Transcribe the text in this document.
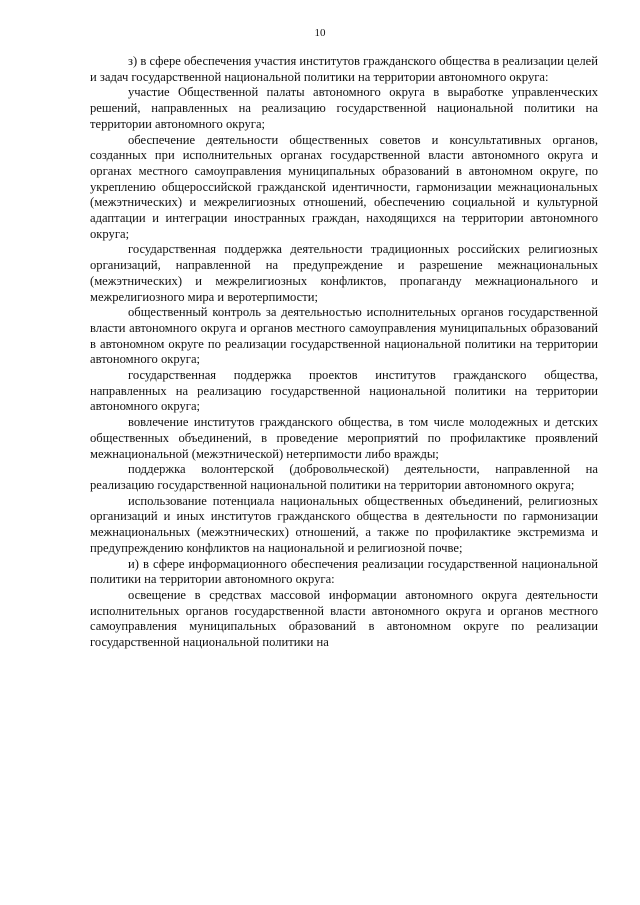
10

з) в сфере обеспечения участия институтов гражданского общества в реализации целей и задач государственной национальной политики на территории автономного округа:

участие Общественной палаты автономного округа в выработке управленческих решений, направленных на реализацию государственной национальной политики на территории автономного округа;

обеспечение деятельности общественных советов и консультативных органов, созданных при исполнительных органах государственной власти автономного округа и органах местного самоуправления муниципальных образований в автономном округе, по укреплению общероссийской гражданской идентичности, гармонизации межнациональных (межэтнических) и межрелигиозных отношений, обеспечению социальной и культурной адаптации и интеграции иностранных граждан, находящихся на территории автономного округа;

государственная поддержка деятельности традиционных российских религиозных организаций, направленной на предупреждение и разрешение межнациональных (межэтнических) и межрелигиозных конфликтов, пропаганду межнационального и межрелигиозного мира и веротерпимости;

общественный контроль за деятельностью исполнительных органов государственной власти автономного округа и органов местного самоуправления муниципальных образований в автономном округе по реализации государственной национальной политики на территории автономного округа;

государственная поддержка проектов институтов гражданского общества, направленных на реализацию государственной национальной политики на территории автономного округа;

вовлечение институтов гражданского общества, в том числе молодежных и детских общественных объединений, в проведение мероприятий по профилактике проявлений межнациональной (межэтнической) нетерпимости либо вражды;

поддержка волонтерской (добровольческой) деятельности, направленной на реализацию государственной национальной политики на территории автономного округа;

использование потенциала национальных общественных объединений, религиозных организаций и иных институтов гражданского общества в деятельности по гармонизации межнациональных (межэтнических) отношений, а также по профилактике экстремизма и предупреждению конфликтов на национальной и религиозной почве;

и) в сфере информационного обеспечения реализации государственной национальной политики на территории автономного округа:

освещение в средствах массовой информации автономного округа деятельности исполнительных органов государственной власти автономного округа и органов местного самоуправления муниципальных образований в автономном округе по реализации государственной национальной политики на
